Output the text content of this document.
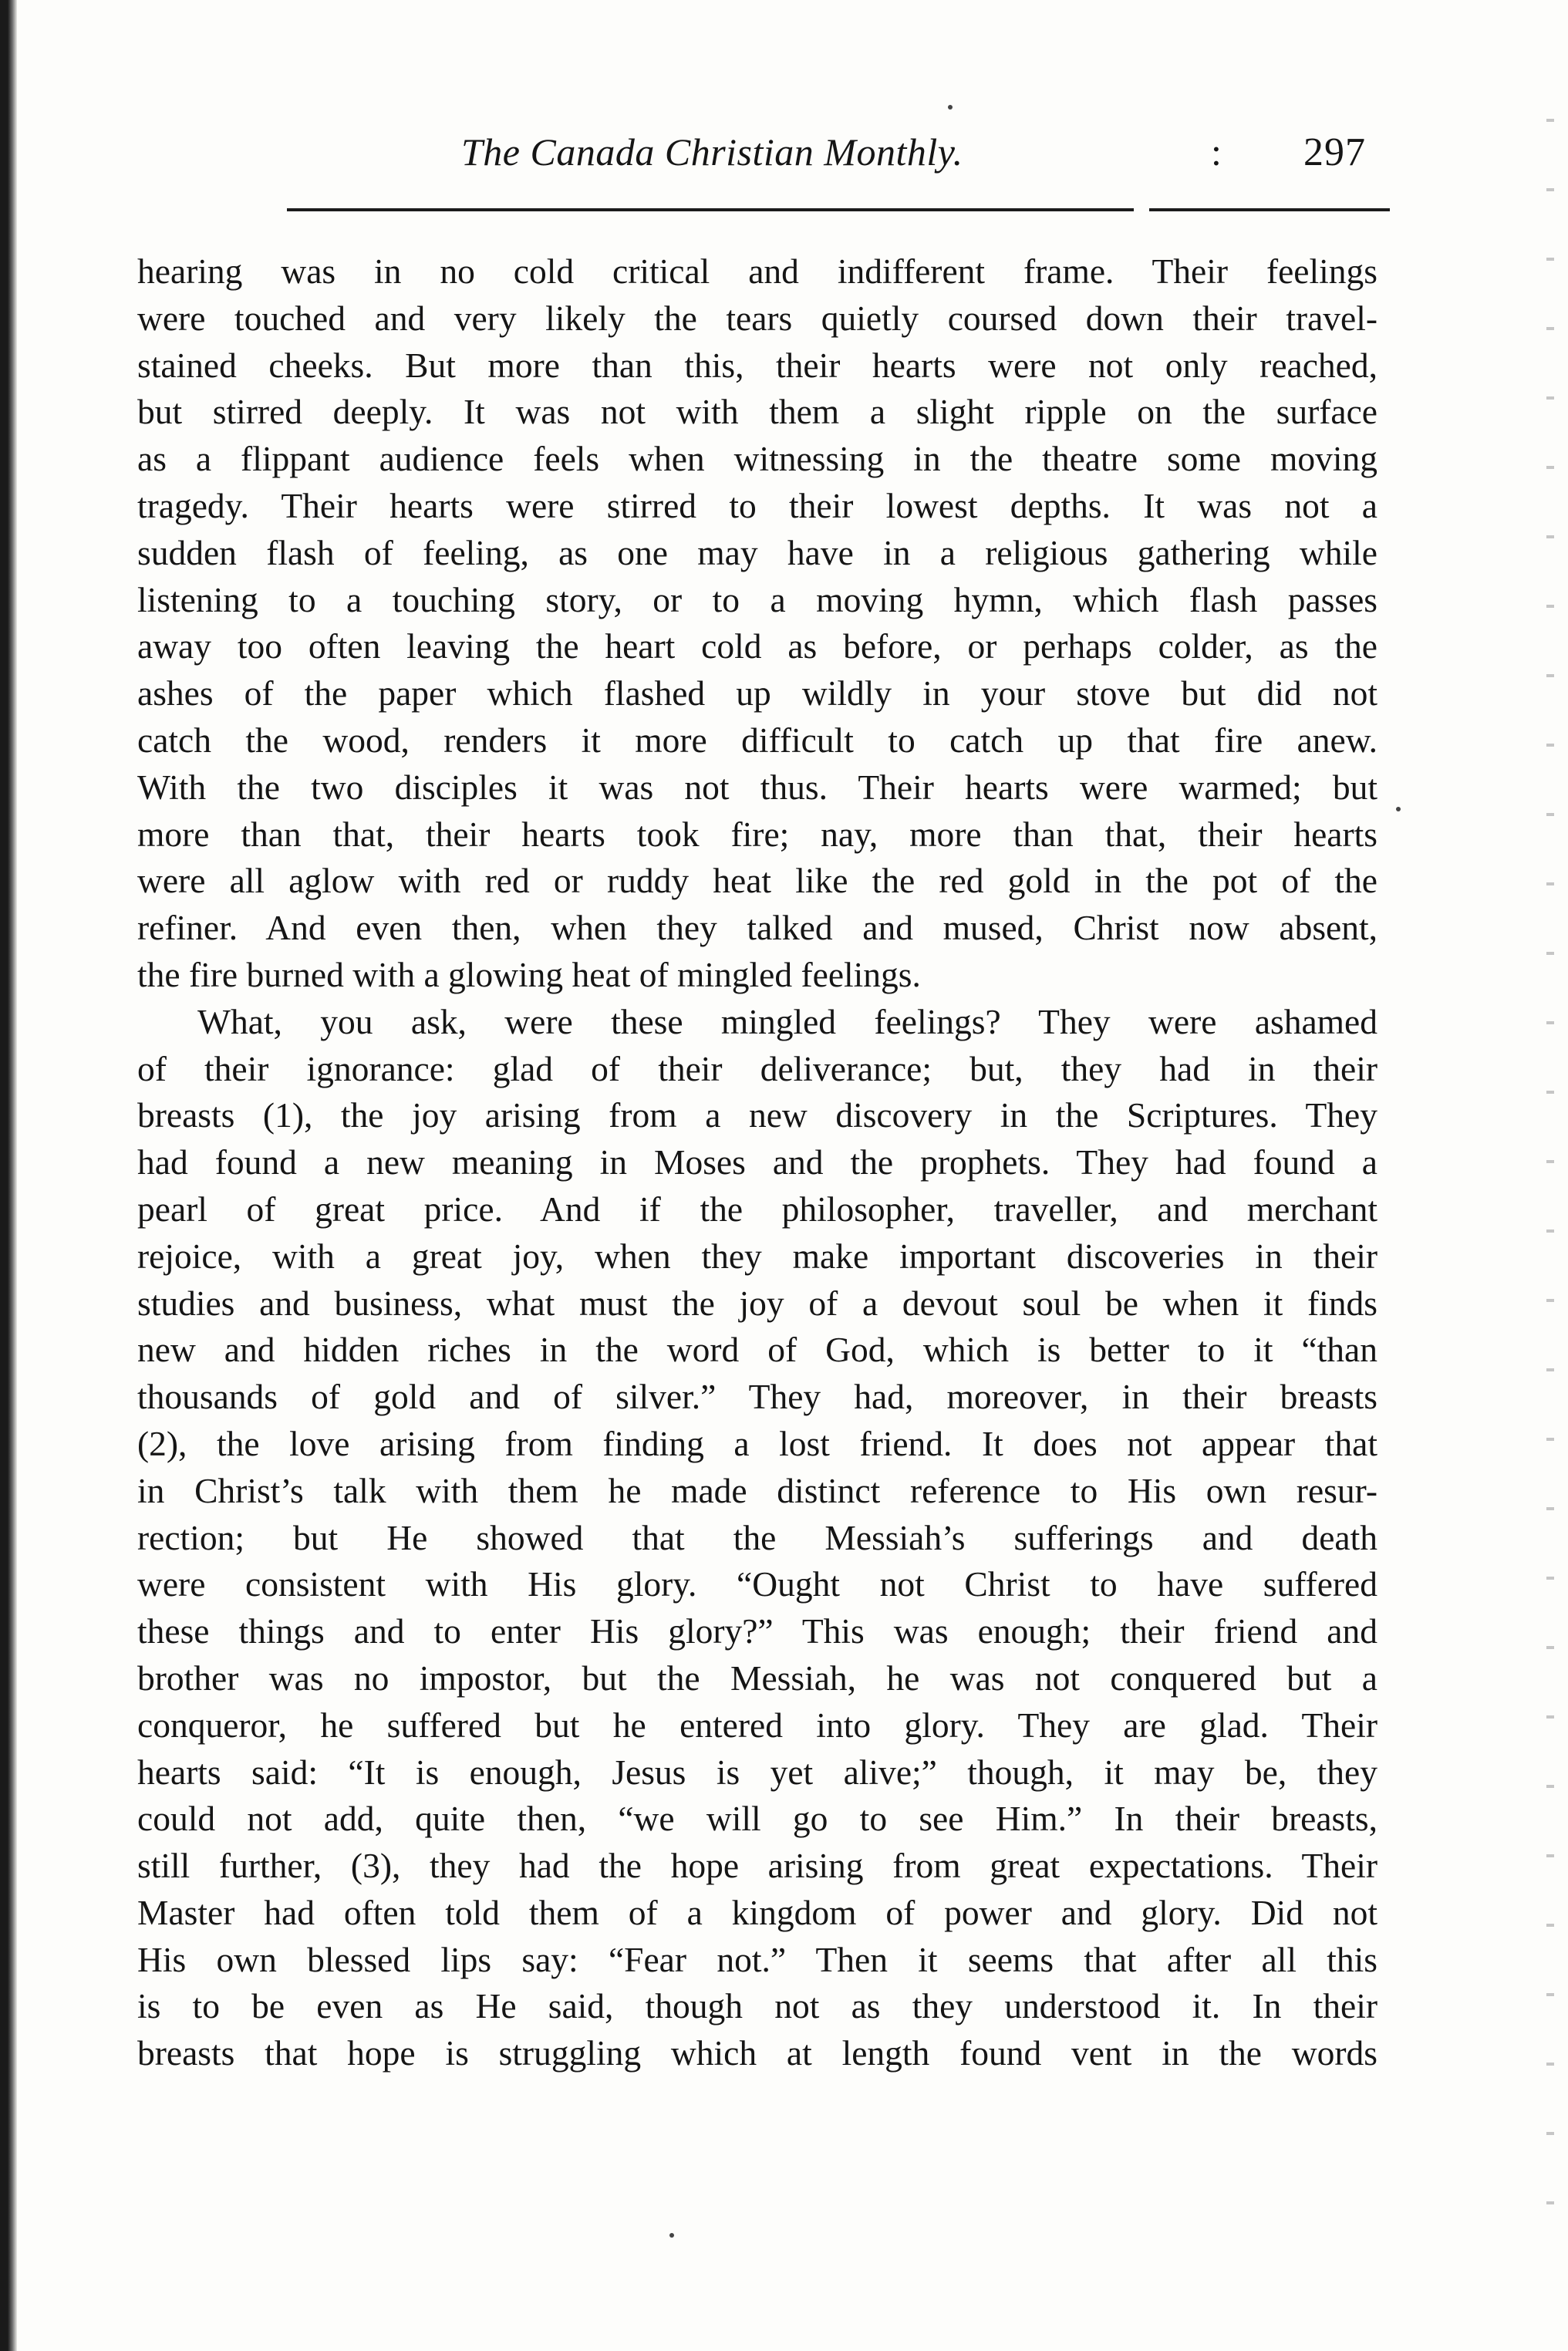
The Canada Christian Monthly.	: 297
hearing was in no cold critical and indifferent frame. Their feelings
were touched and very likely the tears quietly coursed down their travel-
stained cheeks. But more than this, their hearts were not only reached,
but stirred deeply. It was not with them a slight ripple on the surface
as a flippant audience feels when witnessing in the theatre some moving
tragedy. Their hearts were stirred to their lowest depths. It was not a
sudden flash of feeling, as one may have in a religious gathering while
listening to a touching story, or to a moving hymn, which flash passes
away too often leaving the heart cold as before, or perhaps colder, as the
ashes of the paper which flashed up wildly in your stove but did not
catch the wood, renders it more difficult to catch up that fire anew.
With the two disciples it was not thus. Their hearts were warmed; but
more than that, their hearts took fire; nay, more than that, their hearts
were all aglow with red or ruddy heat like the red gold in the pot of the
refiner. And even then, when they talked and mused, Christ now absent,
the fire burned with a glowing heat of mingled feelings.
What, you ask, were these mingled feelings? They were ashamed
of their ignorance: glad of their deliverance; but, they had in their
breasts (1), the joy arising from a new discovery in the Scriptures. They
had found a new meaning in Moses and the prophets. They had found a
pearl of great price. And if the philosopher, traveller, and merchant
rejoice, with a great joy, when they make important discoveries in their
studies and business, what must the joy of a devout soul be when it finds
new and hidden riches in the word of God, which is better to it “than
thousands of gold and of silver.” They had, moreover, in their breasts
(2), the love arising from finding a lost friend. It does not appear that
in Christ’s talk with them he made distinct reference to His own resur-
rection; but He showed that the Messiah’s sufferings and death
were consistent with His glory. “Ought not Christ to have suffered
these things and to enter His glory?” This was enough; their friend and
brother was no impostor, but the Messiah, he was not conquered but a
conqueror, he suffered but he entered into glory. They are glad. Their
hearts said: “It is enough, Jesus is yet alive;” though, it may be, they
could not add, quite then, “we will go to see Him.” In their breasts,
still further, (3), they had the hope arising from great expectations. Their
Master had often told them of a kingdom of power and glory. Did not
His own blessed lips say: “Fear not.” Then it seems that after all this
is to be even as He said, though not as they understood it. In their
breasts that hope is struggling which at length found vent in the words
